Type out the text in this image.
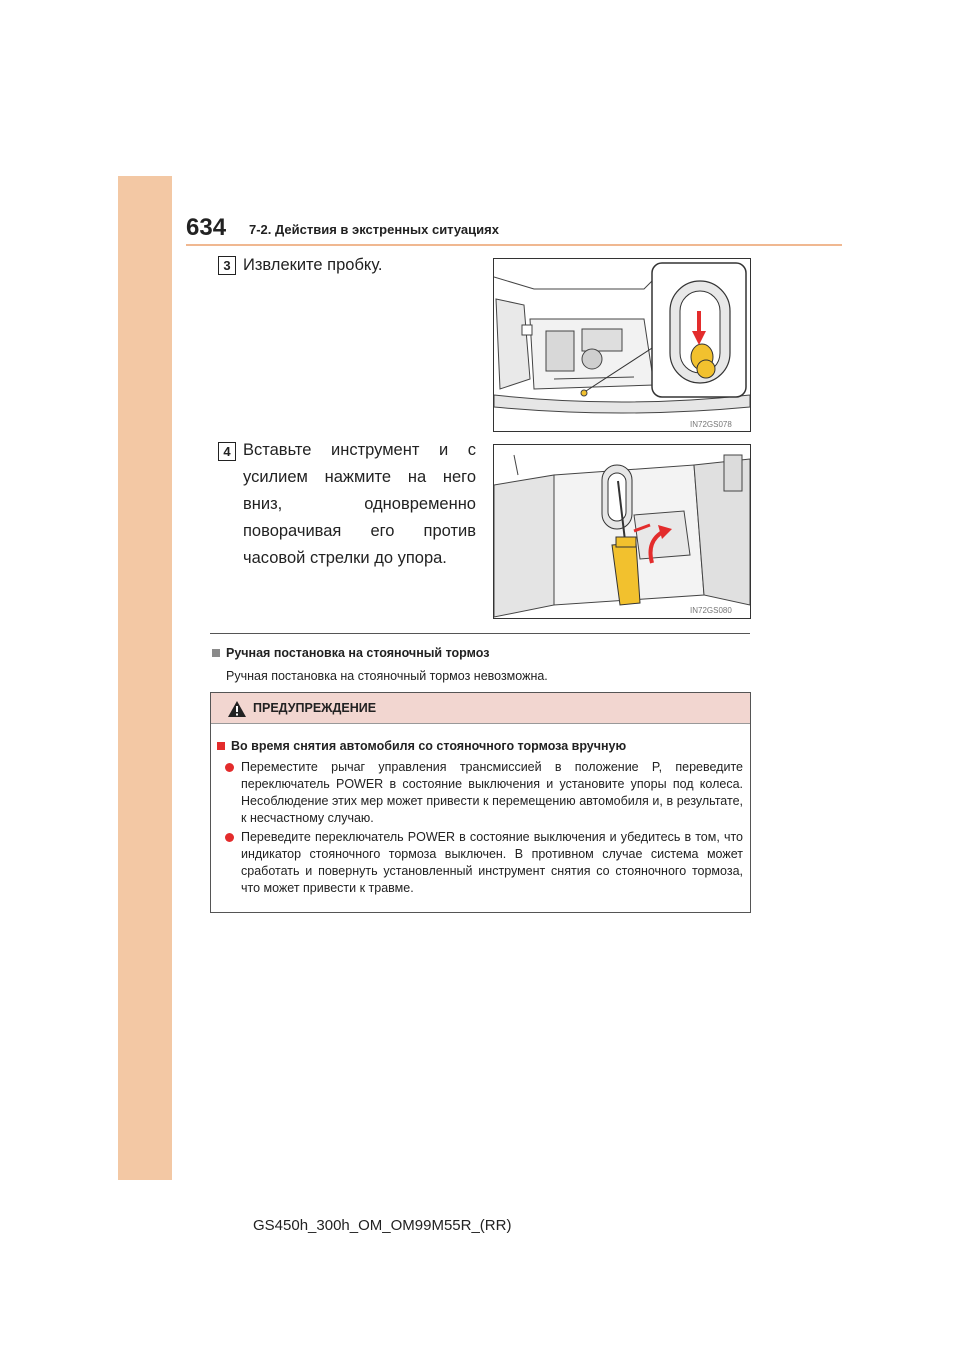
634 7-2. Действия в экстренных ситуациях
3 Извлеките пробку.
IN72GS078
4 Вставьте инструмент и с усилием нажмите на него вниз, одновременно поворачивая его против часовой стрелки до упора.
IN72GS080
Ручная постановка на стояночный тормоз
Ручная постановка на стояночный тормоз невозможна.
ПРЕДУПРЕЖДЕНИЕ
Во время снятия автомобиля со стояночного тормоза вручную

Переместите рычаг управления трансмиссией в положение P, переведите переключатель POWER в состояние выключения и установите упоры под колеса. Несоблюдение этих мер может привести к перемещению автомобиля и, в результате, к несчастному случаю.

Переведите переключатель POWER в состояние выключения и убедитесь в том, что индикатор стояночного тормоза выключен. В противном случае система может сработать и повернуть установленный инструмент снятия со стояночного тормоза, что может привести к травме.

GS450h_300h_OM_OM99M55R_(RR)
